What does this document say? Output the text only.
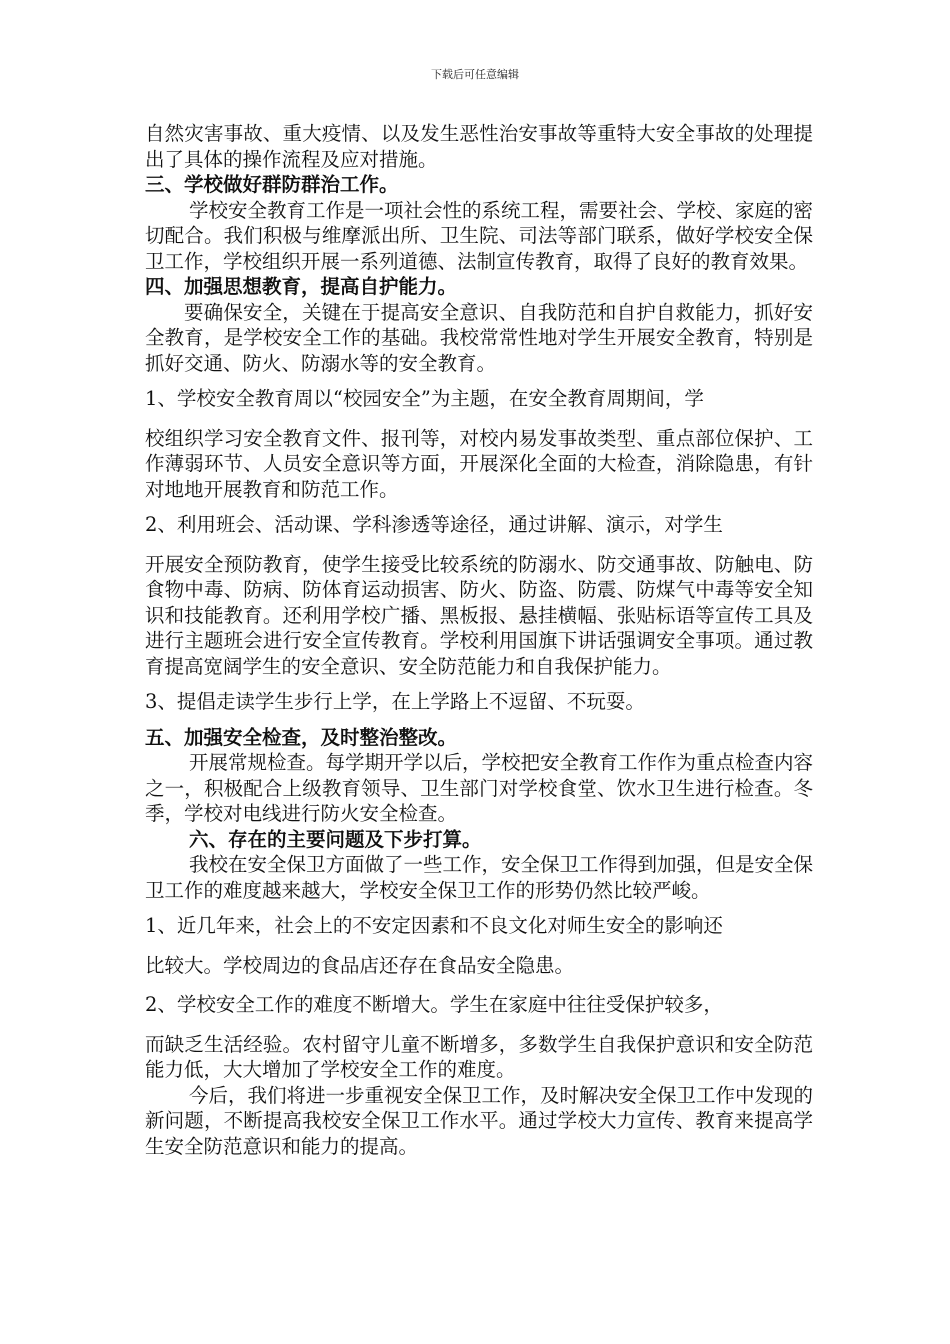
下载后可任意编辑

自然灾害事故、重大疫情、以及发生恶性治安事故等重特大安全事故的处理提出了具体的操作流程及应对措施。

三、学校做好群防群治工作。

学校安全教育工作是一项社会性的系统工程，需要社会、学校、家庭的密切配合。我们积极与维摩派出所、卫生院、司法等部门联系，做好学校安全保卫工作，学校组织开展一系列道德、法制宣传教育，取得了良好的教育效果。

四、加强思想教育，提高自护能力。

要确保安全，关键在于提高安全意识、自我防范和自护自救能力，抓好安全教育，是学校安全工作的基础。我校常常性地对学生开展安全教育，特别是抓好交通、防火、防溺水等的安全教育。

1、学校安全教育周以“校园安全”为主题，在安全教育周期间，学

校组织学习安全教育文件、报刊等，对校内易发事故类型、重点部位保护、工作薄弱环节、人员安全意识等方面，开展深化全面的大检查，消除隐患，有针对地地开展教育和防范工作。

2、利用班会、活动课、学科渗透等途径，通过讲解、演示，对学生

开展安全预防教育，使学生接受比较系统的防溺水、防交通事故、防触电、防食物中毒、防病、防体育运动损害、防火、防盗、防震、防煤气中毒等安全知识和技能教育。还利用学校广播、黑板报、悬挂横幅、张贴标语等宣传工具及进行主题班会进行安全宣传教育。学校利用国旗下讲话强调安全事项。通过教育提高宽阔学生的安全意识、安全防范能力和自我保护能力。

3、提倡走读学生步行上学，在上学路上不逗留、不玩耍。

五、加强安全检查，及时整治整改。

开展常规检查。每学期开学以后，学校把安全教育工作作为重点检查内容之一，积极配合上级教育领导、卫生部门对学校食堂、饮水卫生进行检查。冬季，学校对电线进行防火安全检查。

六、存在的主要问题及下步打算。

我校在安全保卫方面做了一些工作，安全保卫工作得到加强，但是安全保卫工作的难度越来越大，学校安全保卫工作的形势仍然比较严峻。

1、近几年来，社会上的不安定因素和不良文化对师生安全的影响还

比较大。学校周边的食品店还存在食品安全隐患。

2、学校安全工作的难度不断增大。学生在家庭中往往受保护较多，

而缺乏生活经验。农村留守儿童不断增多，多数学生自我保护意识和安全防范能力低，大大增加了学校安全工作的难度。

今后，我们将进一步重视安全保卫工作，及时解决安全保卫工作中发现的新问题，不断提高我校安全保卫工作水平。通过学校大力宣传、教育来提高学生安全防范意识和能力的提高。
